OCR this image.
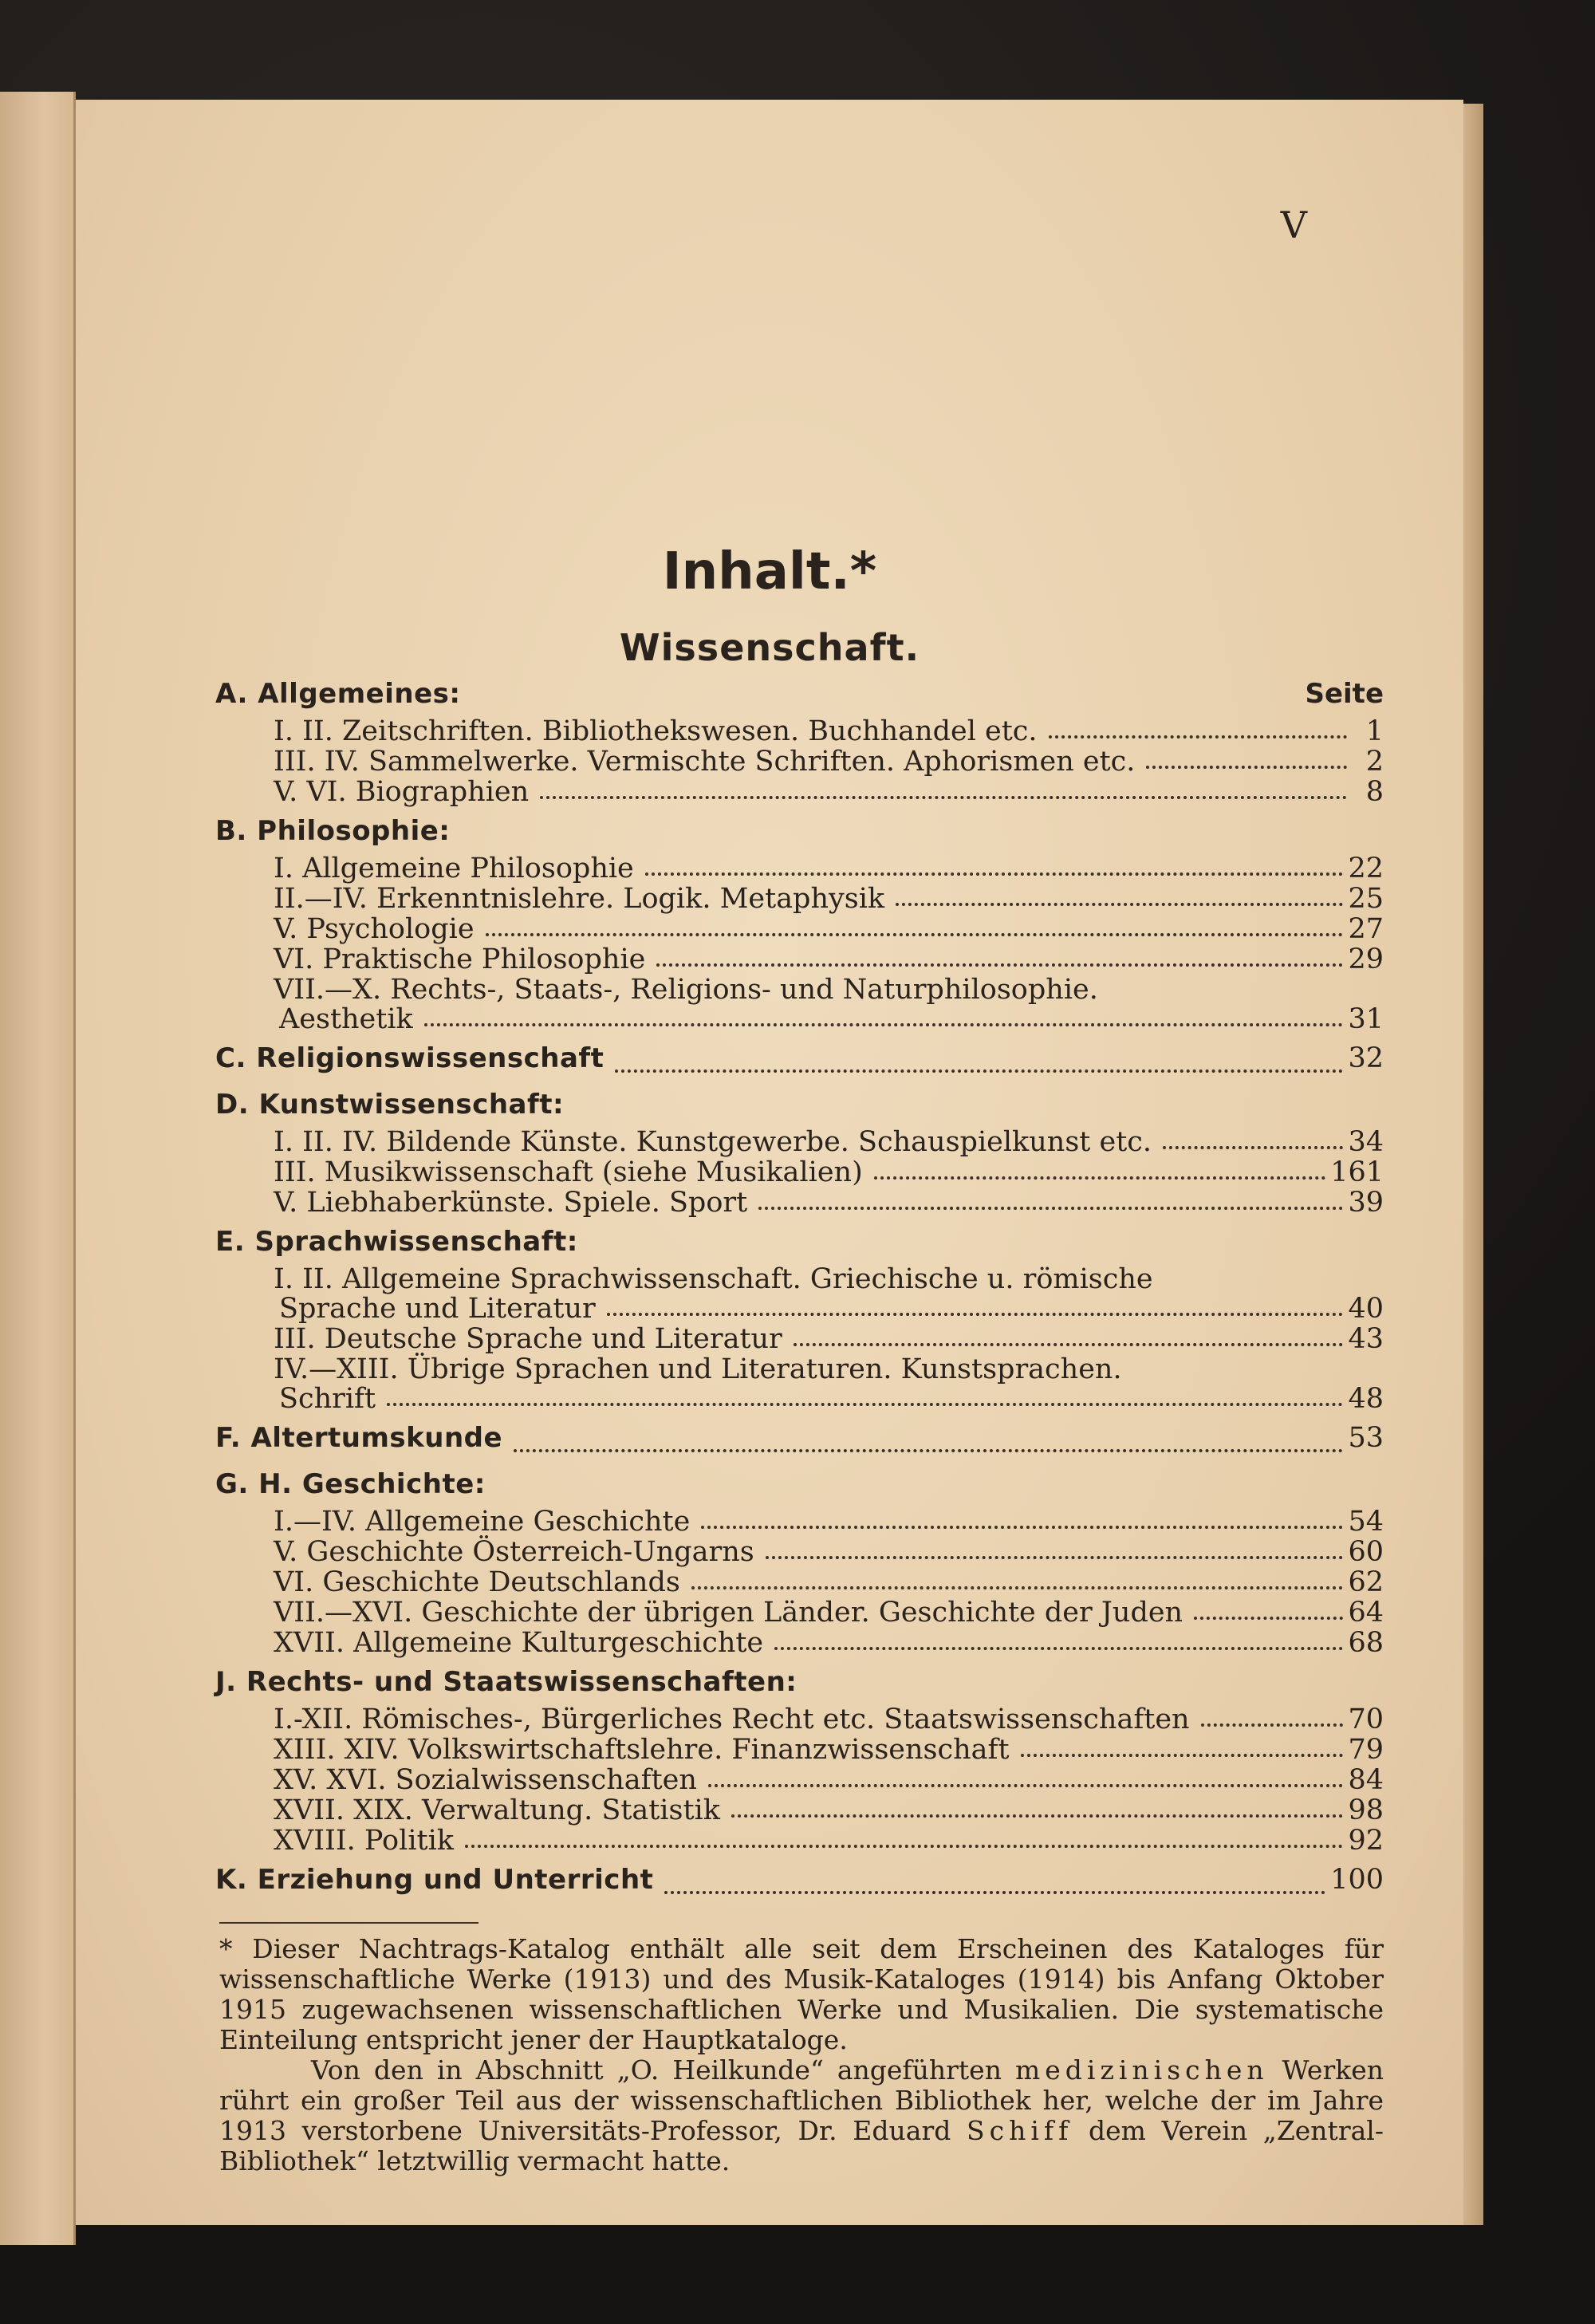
V
Inhalt.*
Wissenschaft.
A. Allgemeines:	Seite
I. II. Zeitschriften. Bibliothekswesen. Buchhandel etc.	1
III. IV. Sammelwerke. Vermischte Schriften. Aphorismen etc.	2
V. VI. Biographien	8
B. Philosophie:
I. Allgemeine Philosophie	22
II.—IV. Erkenntnislehre. Logik. Metaphysik	25
V. Psychologie	27
VI. Praktische Philosophie	29
VII.—X. Rechts-, Staats-, Religions- und Naturphilosophie.
Aesthetik	31
C. Religionswissenschaft	32
D. Kunstwissenschaft:
I. II. IV. Bildende Künste. Kunstgewerbe. Schauspielkunst etc.	34
III. Musikwissenschaft (siehe Musikalien)	161
V. Liebhaberkünste. Spiele. Sport	39
E. Sprachwissenschaft:
I. II. Allgemeine Sprachwissenschaft. Griechische u. römische
Sprache und Literatur	40
III. Deutsche Sprache und Literatur	43
IV.—XIII. Übrige Sprachen und Literaturen. Kunstsprachen.
Schrift	48
F. Altertumskunde	53
G. H. Geschichte:
I.—IV. Allgemeine Geschichte	54
V. Geschichte Österreich-Ungarns	60
VI. Geschichte Deutschlands	62
VII.—XVI. Geschichte der übrigen Länder. Geschichte der Juden	64
XVII. Allgemeine Kulturgeschichte	68
J. Rechts- und Staatswissenschaften:
I.-XII. Römisches-, Bürgerliches Recht etc. Staatswissenschaften	70
XIII. XIV. Volkswirtschaftslehre. Finanzwissenschaft	79
XV. XVI. Sozialwissenschaften	84
XVII. XIX. Verwaltung. Statistik	98
XVIII. Politik	92
K. Erziehung und Unterricht	100

* Dieser Nachtrags-Katalog enthält alle seit dem Erscheinen des Kataloges für wissenschaftliche Werke (1913) und des Musik-Kataloges (1914) bis Anfang Oktober 1915 zugewachsenen wissenschaftlichen Werke und Musikalien. Die systematische Einteilung entspricht jener der Hauptkataloge.

Von den in Abschnitt „O. Heilkunde“ angeführten medizinischen Werken rührt ein großer Teil aus der wissenschaftlichen Bibliothek her, welche der im Jahre 1913 verstorbene Universitäts-Professor, Dr. Eduard Schiff dem Verein „Zentral-Bibliothek“ letztwillig vermacht hatte.
